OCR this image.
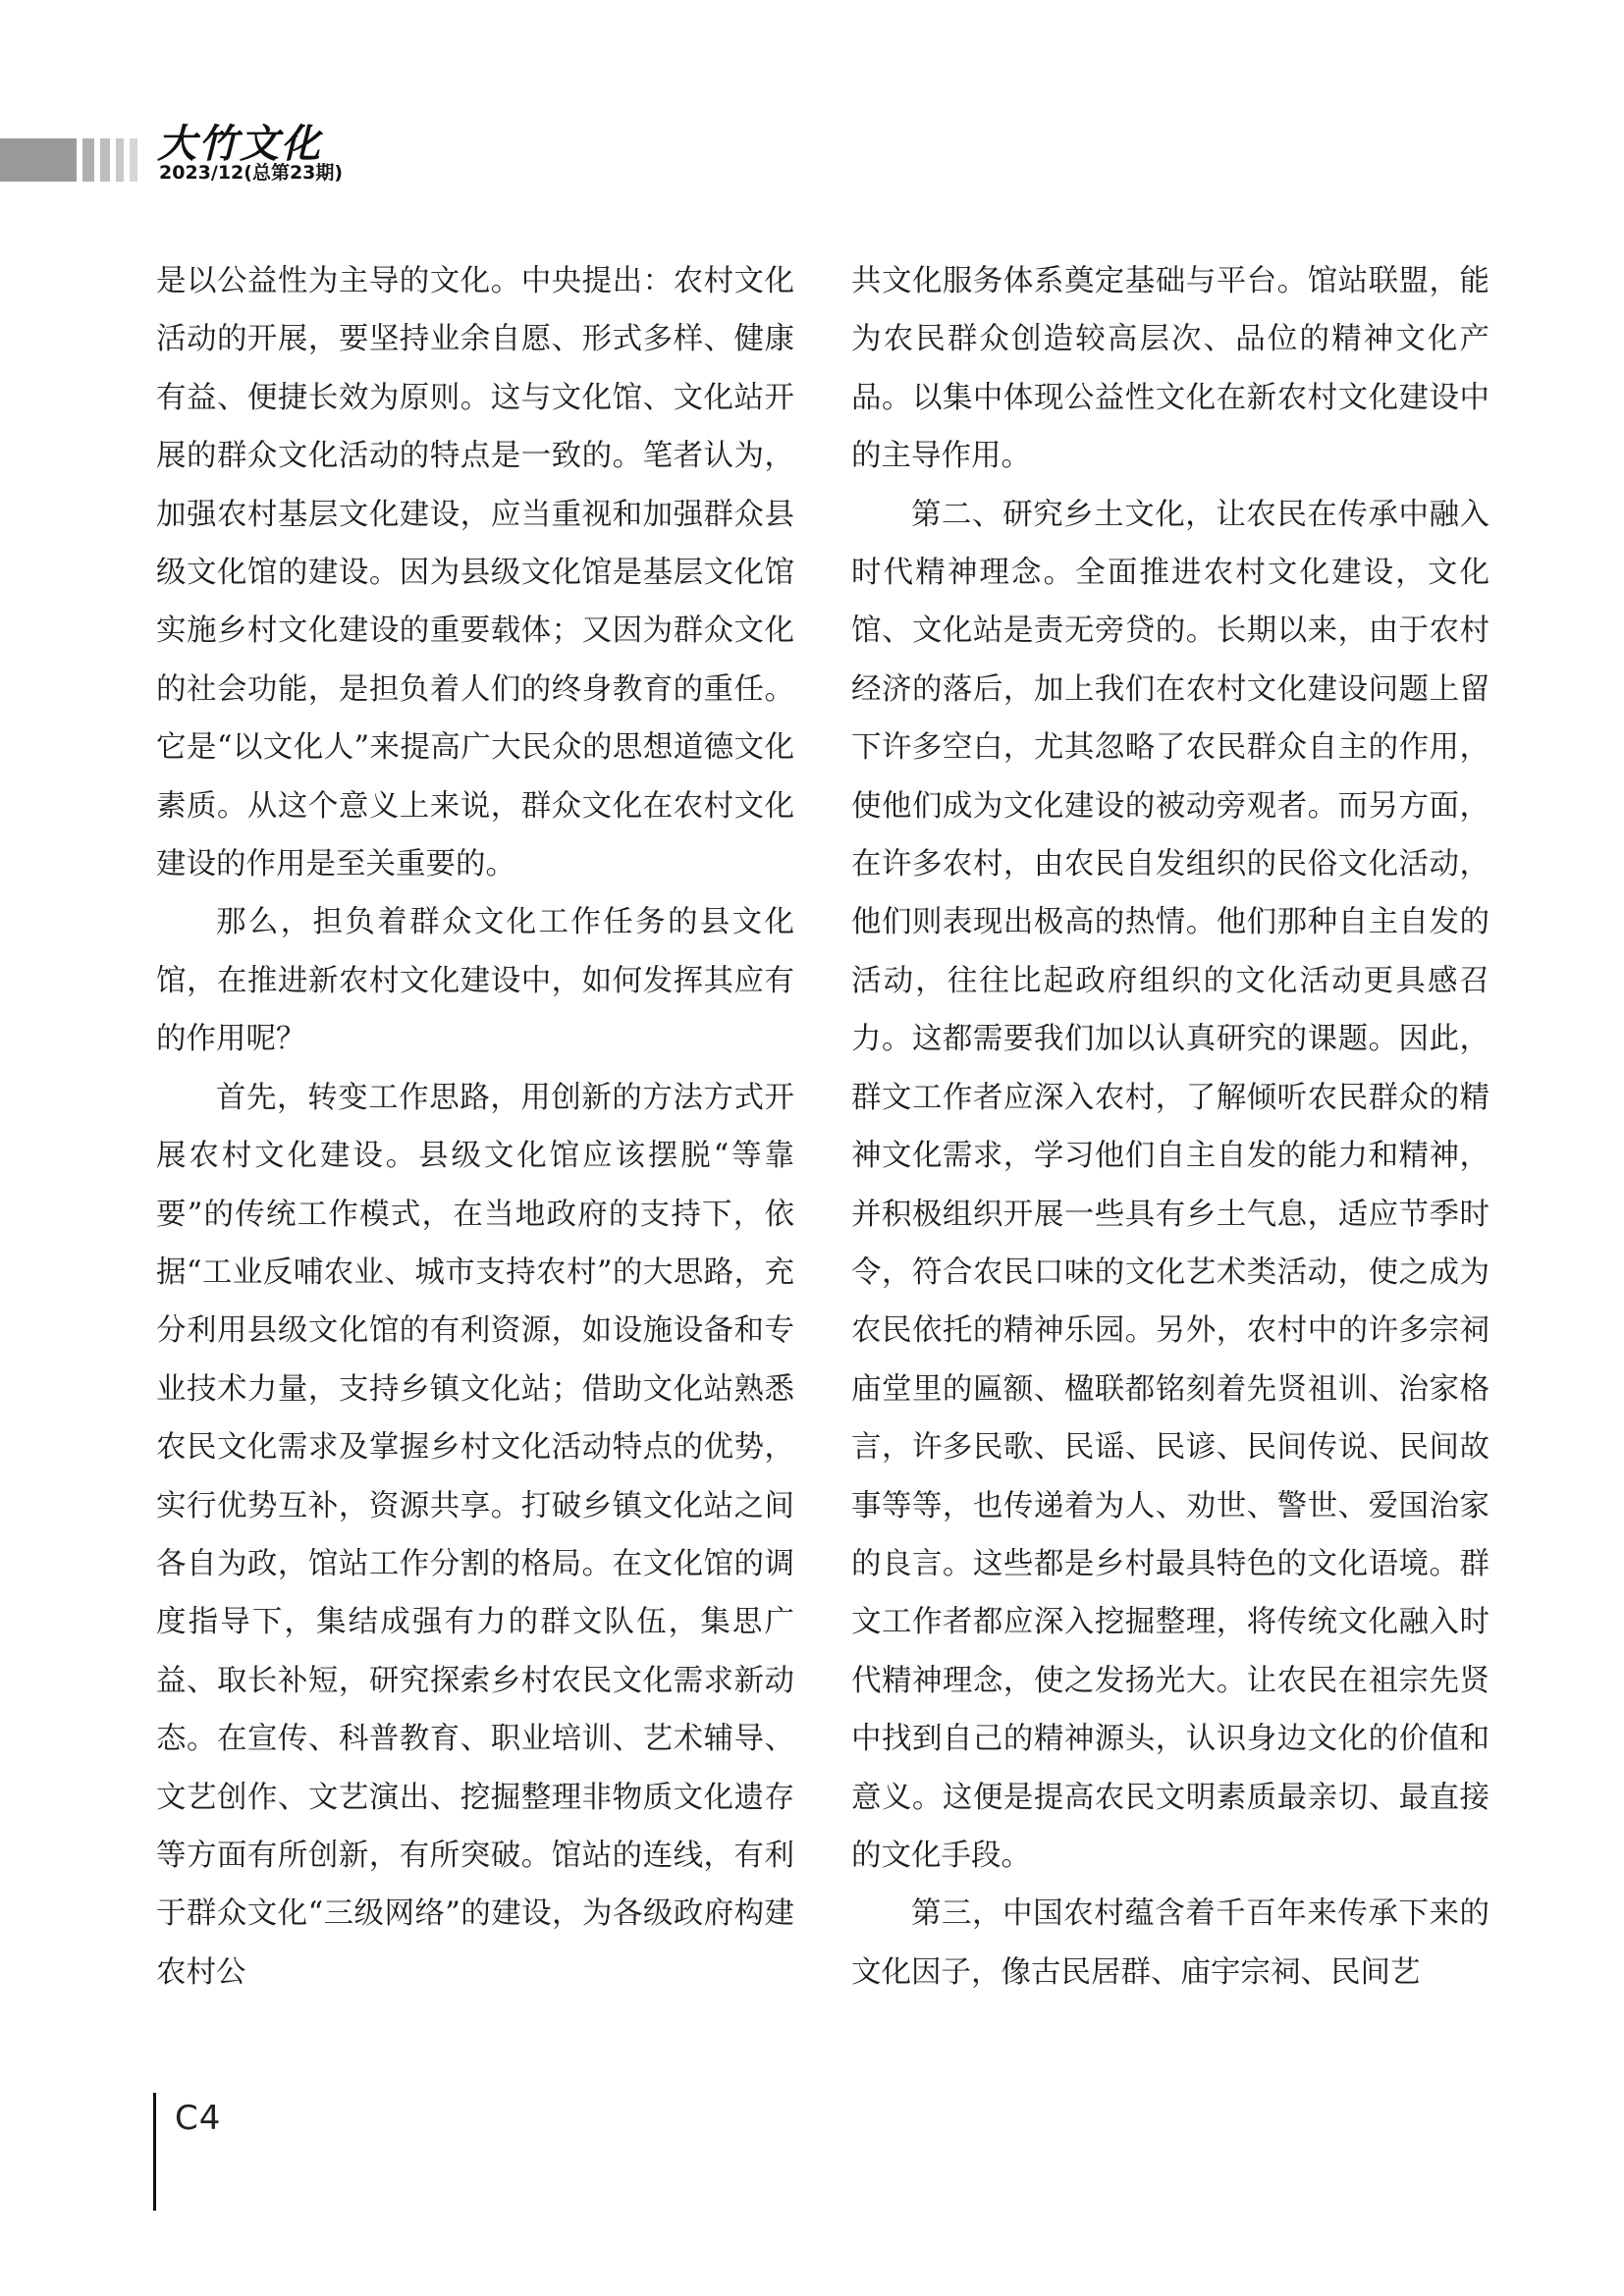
大竹文化
2023/12(总第23期)

是以公益性为主导的文化。中央提出：农村文化活动的开展，要坚持业余自愿、形式多样、健康有益、便捷长效为原则。这与文化馆、文化站开展的群众文化活动的特点是一致的。笔者认为，加强农村基层文化建设，应当重视和加强群众县级文化馆的建设。因为县级文化馆是基层文化馆实施乡村文化建设的重要载体；又因为群众文化的社会功能，是担负着人们的终身教育的重任。它是“以文化人”来提高广大民众的思想道德文化素质。从这个意义上来说，群众文化在农村文化建设的作用是至关重要的。

那么，担负着群众文化工作任务的县文化馆，在推进新农村文化建设中，如何发挥其应有的作用呢？

首先，转变工作思路，用创新的方法方式开展农村文化建设。县级文化馆应该摆脱“等靠要”的传统工作模式，在当地政府的支持下，依据“工业反哺农业、城市支持农村”的大思路，充分利用县级文化馆的有利资源，如设施设备和专业技术力量，支持乡镇文化站；借助文化站熟悉农民文化需求及掌握乡村文化活动特点的优势，实行优势互补，资源共享。打破乡镇文化站之间各自为政，馆站工作分割的格局。在文化馆的调度指导下，集结成强有力的群文队伍，集思广益、取长补短，研究探索乡村农民文化需求新动态。在宣传、科普教育、职业培训、艺术辅导、文艺创作、文艺演出、挖掘整理非物质文化遗存等方面有所创新，有所突破。馆站的连线，有利于群众文化“三级网络”的建设，为各级政府构建农村公

共文化服务体系奠定基础与平台。馆站联盟，能为农民群众创造较高层次、品位的精神文化产品。以集中体现公益性文化在新农村文化建设中的主导作用。

第二、研究乡土文化，让农民在传承中融入时代精神理念。全面推进农村文化建设，文化馆、文化站是责无旁贷的。长期以来，由于农村经济的落后，加上我们在农村文化建设问题上留下许多空白，尤其忽略了农民群众自主的作用，使他们成为文化建设的被动旁观者。而另方面，在许多农村，由农民自发组织的民俗文化活动，他们则表现出极高的热情。他们那种自主自发的活动，往往比起政府组织的文化活动更具感召力。这都需要我们加以认真研究的课题。因此，群文工作者应深入农村，了解倾听农民群众的精神文化需求，学习他们自主自发的能力和精神，并积极组织开展一些具有乡土气息，适应节季时令，符合农民口味的文化艺术类活动，使之成为农民依托的精神乐园。另外，农村中的许多宗祠庙堂里的匾额、楹联都铭刻着先贤祖训、治家格言，许多民歌、民谣、民谚、民间传说、民间故事等等，也传递着为人、劝世、警世、爱国治家的良言。这些都是乡村最具特色的文化语境。群文工作者都应深入挖掘整理，将传统文化融入时代精神理念，使之发扬光大。让农民在祖宗先贤中找到自己的精神源头，认识身边文化的价值和意义。这便是提高农民文明素质最亲切、最直接的文化手段。

第三，中国农村蕴含着千百年来传承下来的文化因子，像古民居群、庙宇宗祠、民间艺

C4
